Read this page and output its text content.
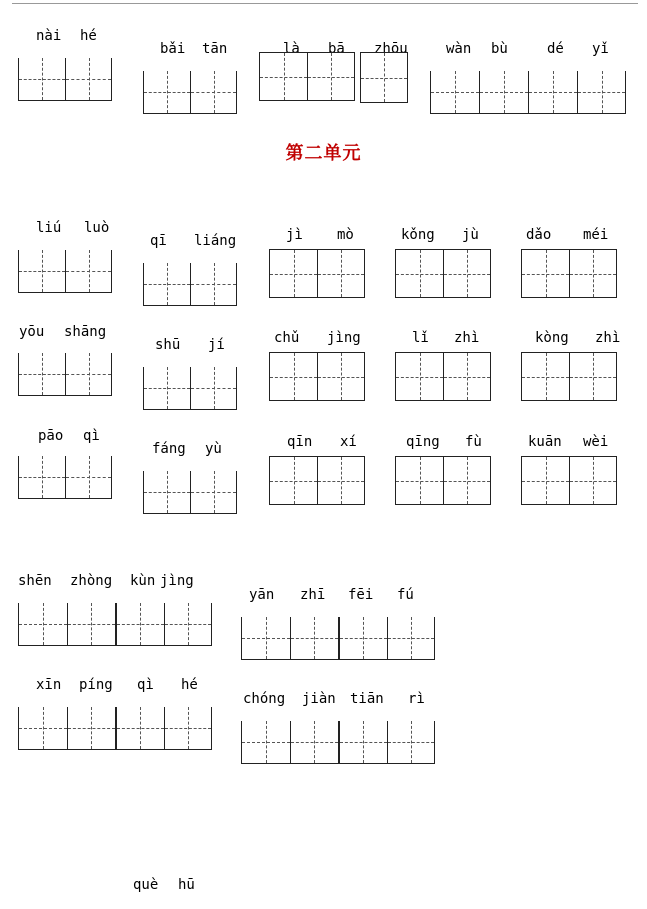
第二单元
nài hé
bǎi tān	là bā zhōu	wàn bù	dé yǐ
liú luò
qī liáng	jì mò	kǒng jù	dǎo méi
yōu shāng
shū jí	chǔ jìng	lǐ zhì	kòng zhì
pāo qì
fáng yù	qīn xí	qīng fù	kuān wèi
shēn zhòng kùn jìng
yān zhī fēi fú
xīn píng qì hé
chóng jiàn tiān rì
què hū
